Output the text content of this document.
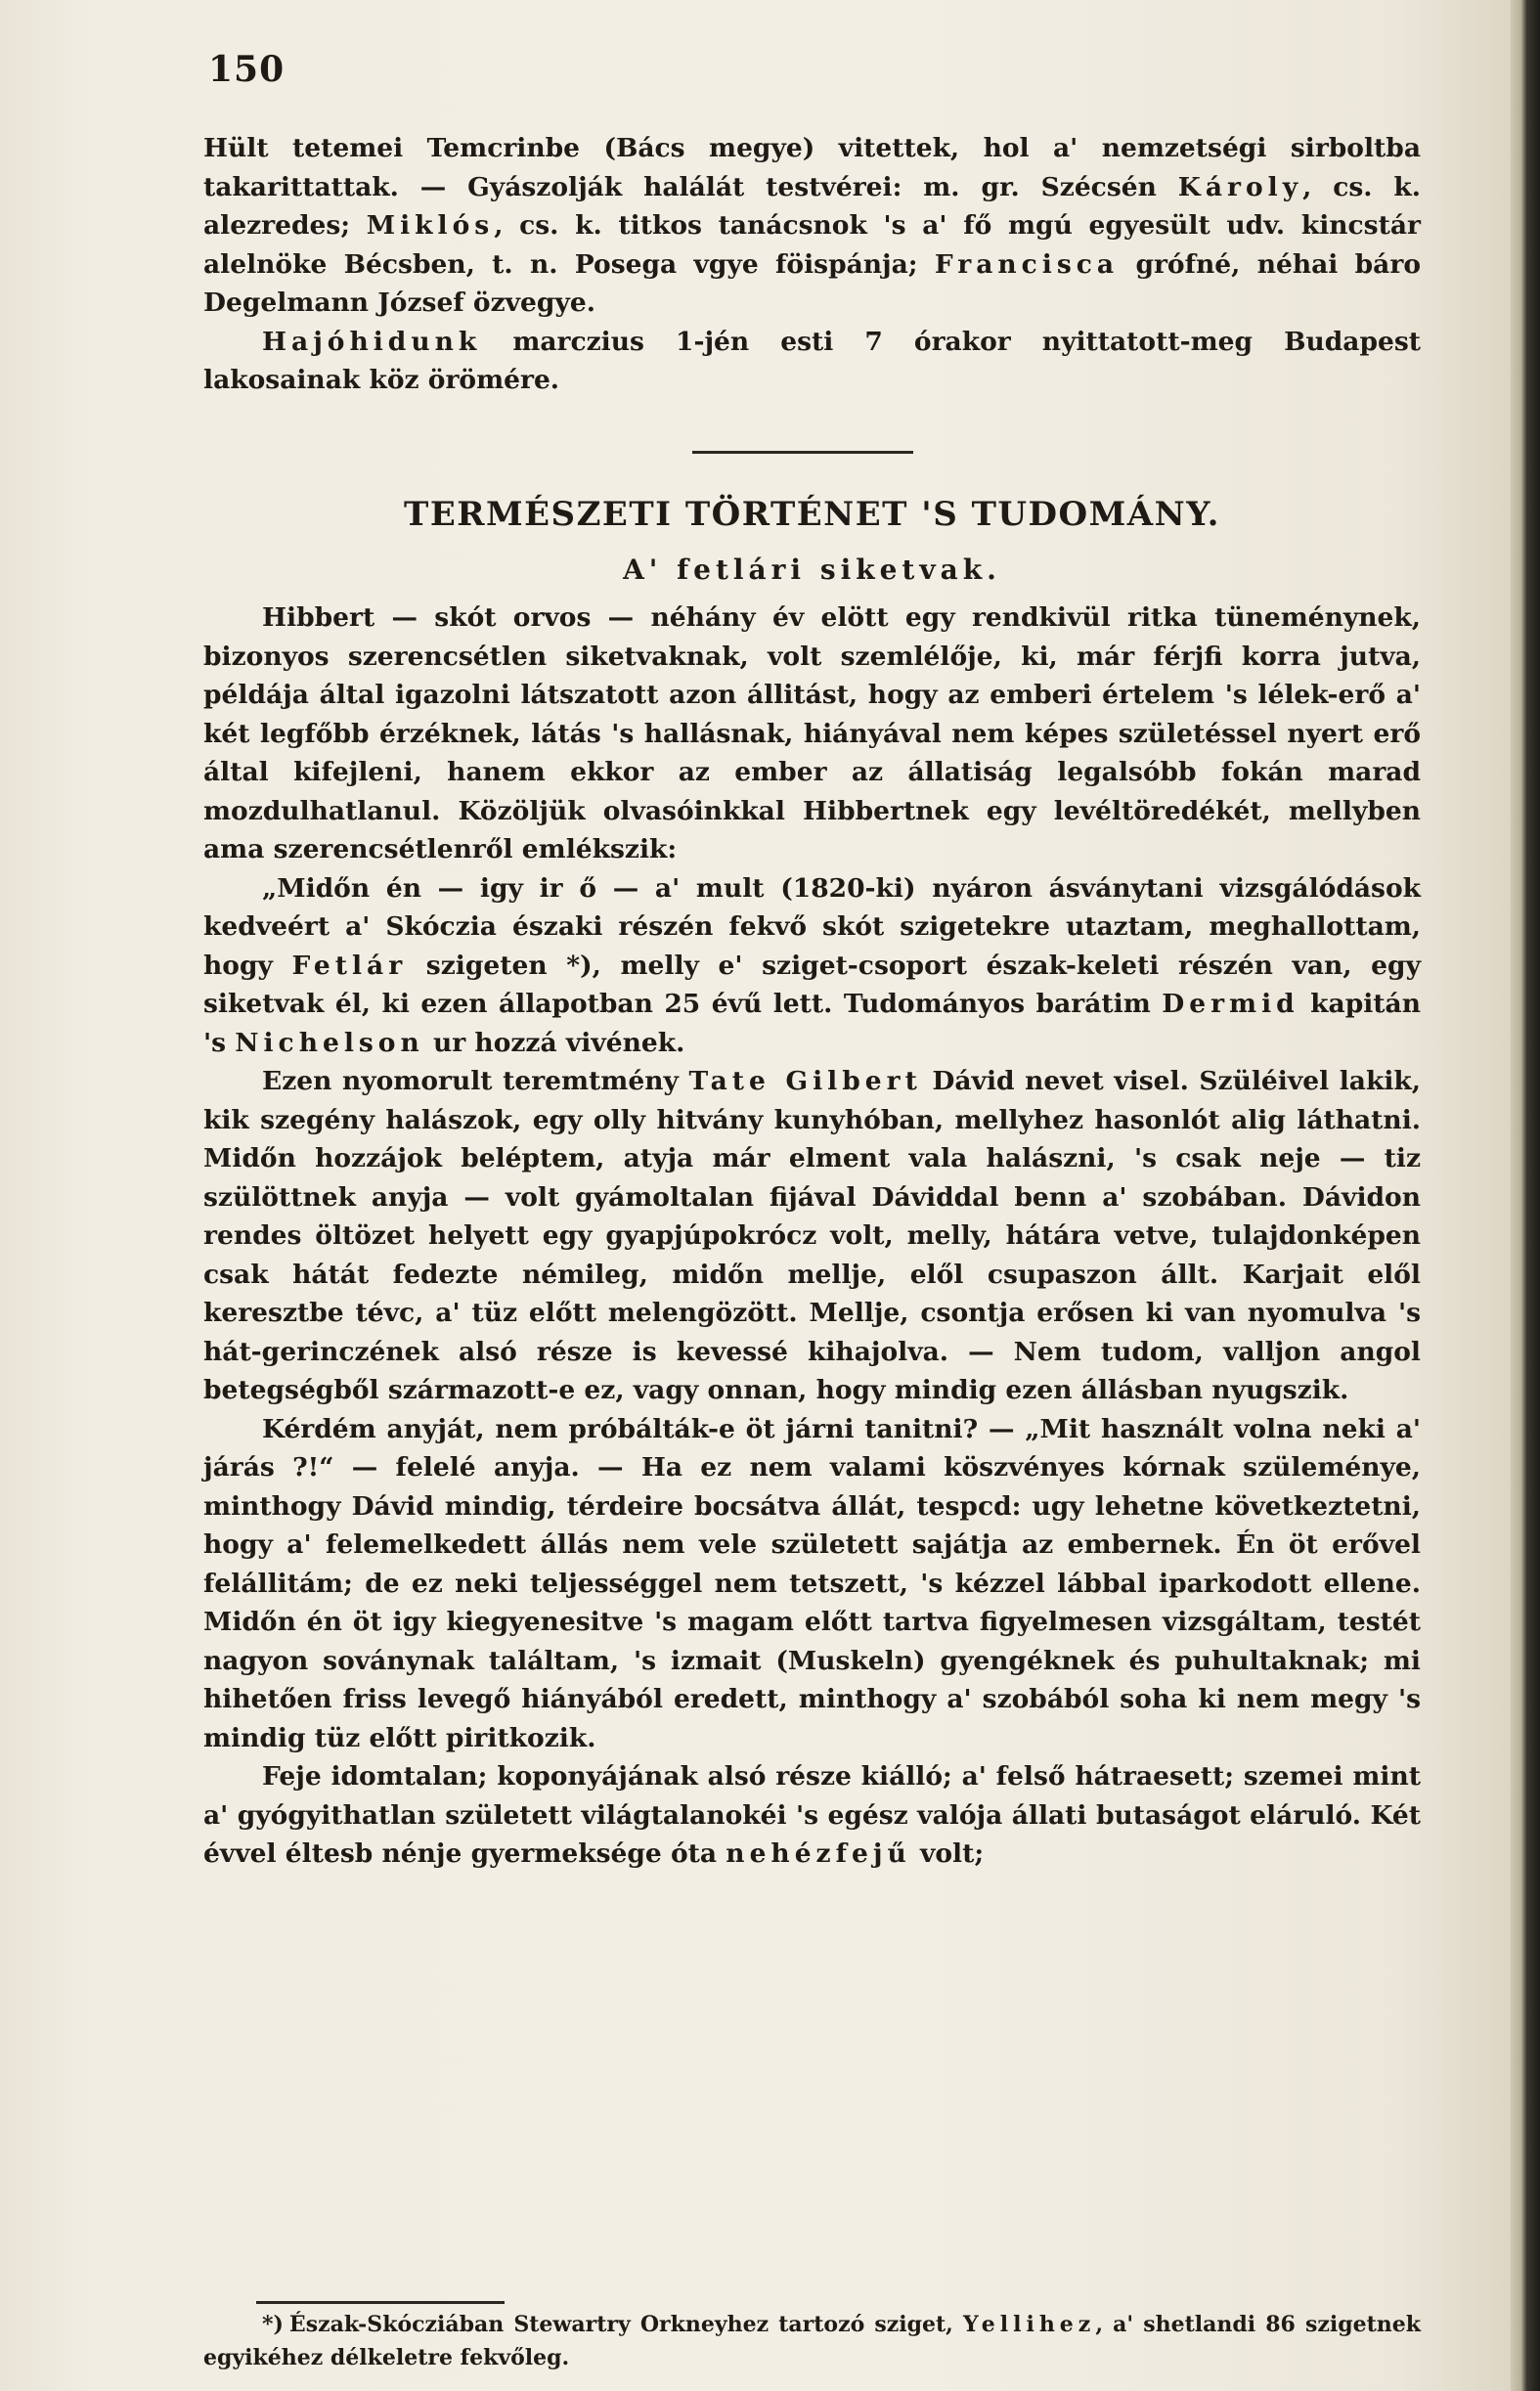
150

Hült tetemei Temcrinbe (Bács megye) vitettek, hol a' nemzetségi sirboltba takarittattak. — Gyászolják halálát testvérei: m. gr. Szécsén Károly, cs. k. alezredes; Miklós, cs. k. titkos tanácsnok 's a' fő mgú egyesült udv. kincstár alelnöke Bécsben, t. n. Posega vgye föispánja; Francisca grófné, néhai báro Degelmann József özvegye.

Hajóhidunk marczius 1-jén esti 7 órakor nyittatott-meg Budapest lakosainak köz örömére.

TERMÉSZETI TÖRTÉNET 'S TUDOMÁNY.
A' fetlári siketvak.

Hibbert — skót orvos — néhány év elött egy rendkivül ritka tüneménynek, bizonyos szerencsétlen siketvaknak, volt szemlélője, ki, már férjfi korra jutva, példája által igazolni látszatott azon állitást, hogy az emberi értelem 's lélek-erő a' két legfőbb érzéknek, látás 's hallásnak, hiányával nem képes születéssel nyert erő által kifejleni, hanem ekkor az ember az állatiság legalsóbb fokán marad mozdulhatlanul. Közöljük olvasóinkkal Hibbertnek egy levéltöredékét, mellyben ama szerencsétlenről emlékszik:

„Midőn én — igy ir ő — a' mult (1820-ki) nyáron ásványtani vizsgálódások kedveért a' Skóczia északi részén fekvő skót szigetekre utaztam, meghallottam, hogy Fetlár szigeten *), melly e' sziget-csoport észak-keleti részén van, egy siketvak él, ki ezen állapotban 25 évű lett. Tudományos barátim Dermid kapitán 's Nichelson ur hozzá vivének.

Ezen nyomorult teremtmény Tate Gilbert Dávid nevet visel. Szüléivel lakik, kik szegény halászok, egy olly hitvány kunyhóban, mellyhez hasonlót alig láthatni. Midőn hozzájok beléptem, atyja már elment vala halászni, 's csak neje — tiz szülöttnek anyja — volt gyámoltalan fijával Dáviddal benn a' szobában. Dávidon rendes öltözet helyett egy gyapjúpokrócz volt, melly, hátára vetve, tulajdonképen csak hátát fedezte némileg, midőn mellje, elől csupaszon állt. Karjait elől keresztbe tévc, a' tüz előtt melengözött. Mellje, csontja erősen ki van nyomulva 's hát-gerinczének alsó része is kevessé kihajolva. — Nem tudom, valljon angol betegségből származott-e ez, vagy onnan, hogy mindig ezen állásban nyugszik.

Kérdém anyját, nem próbálták-e öt járni tanitni? — „Mit használt volna neki a' járás ?!“ — felelé anyja. — Ha ez nem valami köszvényes kórnak szüleménye, minthogy Dávid mindig, térdeire bocsátva állát, tespcd: ugy lehetne következtetni, hogy a' felemelkedett állás nem vele született sajátja az embernek. Én öt erővel felállitám; de ez neki teljességgel nem tetszett, 's kézzel lábbal iparkodott ellene. Midőn én öt igy kiegyenesitve 's magam előtt tartva figyelmesen vizsgáltam, testét nagyon soványnak találtam, 's izmait (Muskeln) gyengéknek és puhultaknak; mi hihetően friss levegő hiányából eredett, minthogy a' szobából soha ki nem megy 's mindig tüz előtt piritkozik.

Feje idomtalan; koponyájának alsó része kiálló; a' felső hátraesett; szemei mint a' gyógyithatlan született világtalanokéi 's egész valója állati butaságot eláruló. Két évvel éltesb nénje gyermeksége óta nehézfejű volt;

*) Észak-Skócziában Stewartry Orkneyhez tartozó sziget, Yellihez, a' shetlandi 86 szigetnek egyikéhez délkeletre fekvőleg.
